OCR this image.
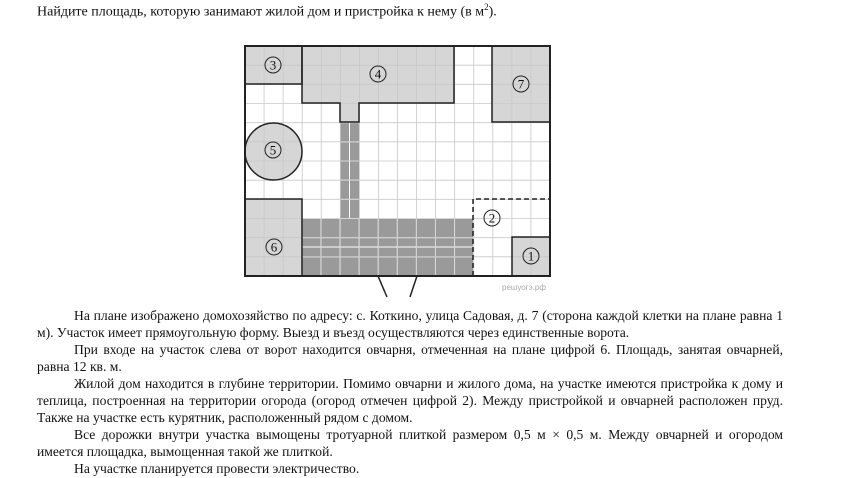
Найдите площадь, которую занимают жилой дом и пристройка к нему (в $м^2$).
3
4
7
5
6
2
1
решуогэ.рф

На плане изображено домохозяйство по адресу: с. Коткино, улица Садовая, д. 7 (сторона каждой клетки на плане равна 1 м). Участок имеет прямоугольную форму. Выезд и въезд осуществляются через единственные ворота.

При входе на участок слева от ворот находится овчарня, отмеченная на плане цифрой 6. Площадь, занятая овчарней, равна 12 кв. м.

Жилой дом находится в глубине территории. Помимо овчарни и жилого дома, на участке имеются пристройка к дому и теплица, построенная на территории огорода (огород отмечен цифрой 2). Между пристройкой и овчарней расположен пруд. Также на участке есть курятник, расположенный рядом с домом.

Все дорожки внутри участка вымощены тротуарной плиткой размером 0,5 м × 0,5 м. Между овчарней и огородом имеется площадка, вымощенная такой же плиткой.

На участке планируется провести электричество.
